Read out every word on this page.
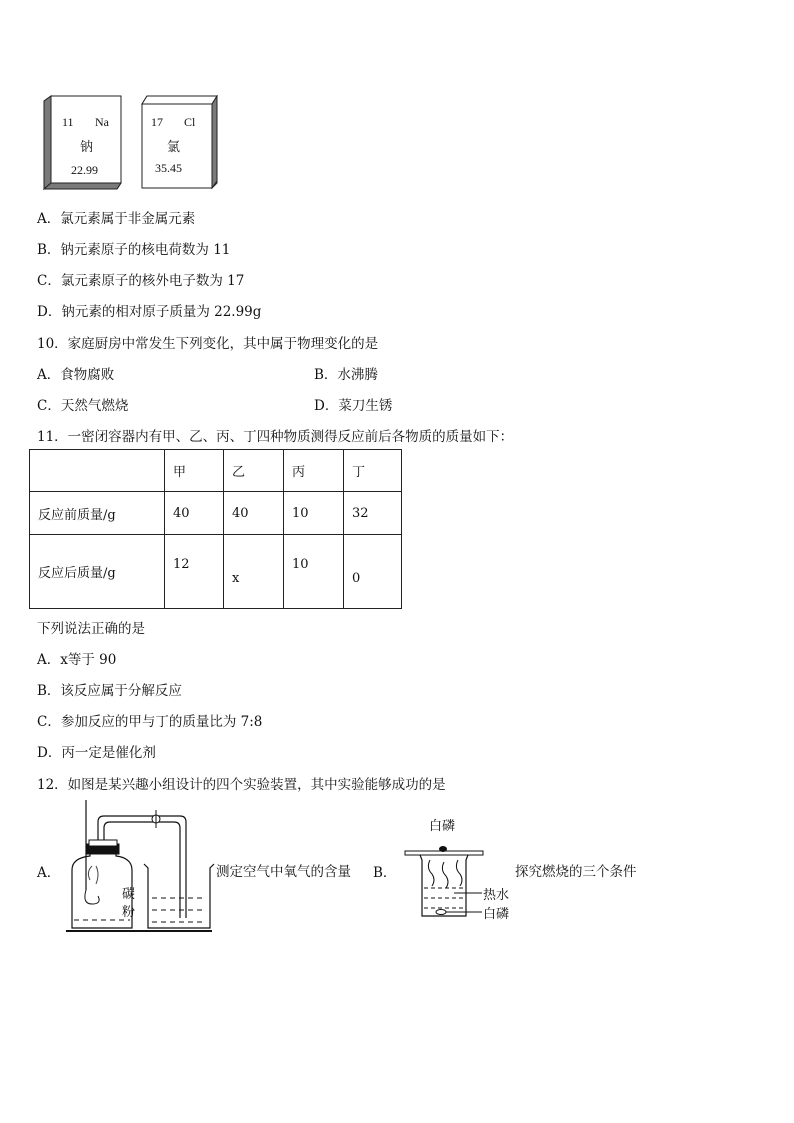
11 Na
钠
22.99
17 Cl
氯
35.45
A．氯元素属于非金属元素
B．钠元素原子的核电荷数为 11
C．氯元素原子的核外电子数为 17
D．钠元素的相对原子质量为 22.99g
10．家庭厨房中常发生下列变化，其中属于物理变化的是
A．食物腐败	B．水沸腾
C．天然气燃烧	D．菜刀生锈
11．一密闭容器内有甲、乙、丙、丁四种物质测得反应前后各物质的质量如下：
	甲	乙	丙	丁
反应前质量/g	40	40	10	32
反应后质量/g	12	x	10	0
下列说法正确的是
A．x等于 90
B．该反应属于分解反应
C．参加反应的甲与丁的质量比为 7:8
D．丙一定是催化剂
12．如图是某兴趣小组设计的四个实验装置，其中实验能够成功的是
A．
碳
粉
测定空气中氧气的含量 B．
白磷
热水
白磷
探究燃烧的三个条件
